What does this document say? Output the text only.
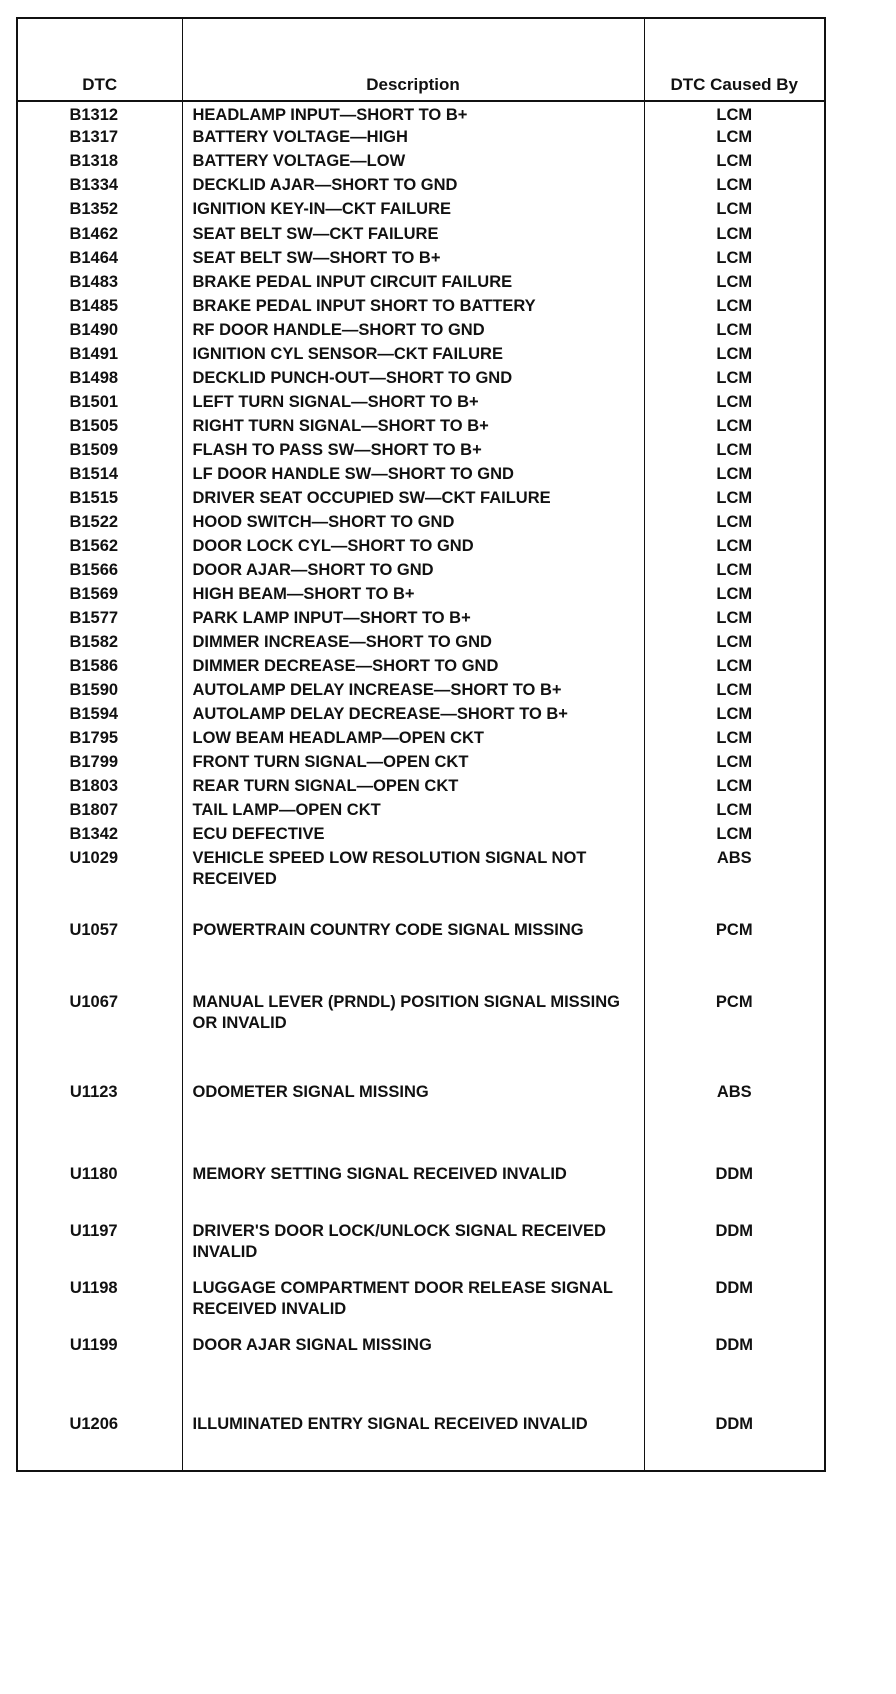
DTC	Description	DTC Caused By
B1312	HEADLAMP INPUT—SHORT TO B+	LCM
B1317	BATTERY VOLTAGE—HIGH	LCM
B1318	BATTERY VOLTAGE—LOW	LCM
B1334	DECKLID AJAR—SHORT TO GND	LCM
B1352	IGNITION KEY-IN—CKT FAILURE	LCM
B1462	SEAT BELT SW—CKT FAILURE	LCM
B1464	SEAT BELT SW—SHORT TO B+	LCM
B1483	BRAKE PEDAL INPUT CIRCUIT FAILURE	LCM
B1485	BRAKE PEDAL INPUT SHORT TO BATTERY	LCM
B1490	RF DOOR HANDLE—SHORT TO GND	LCM
B1491	IGNITION CYL SENSOR—CKT FAILURE	LCM
B1498	DECKLID PUNCH-OUT—SHORT TO GND	LCM
B1501	LEFT TURN SIGNAL—SHORT TO B+	LCM
B1505	RIGHT TURN SIGNAL—SHORT TO B+	LCM
B1509	FLASH TO PASS SW—SHORT TO B+	LCM
B1514	LF DOOR HANDLE SW—SHORT TO GND	LCM
B1515	DRIVER SEAT OCCUPIED SW—CKT FAILURE	LCM
B1522	HOOD SWITCH—SHORT TO GND	LCM
B1562	DOOR LOCK CYL—SHORT TO GND	LCM
B1566	DOOR AJAR—SHORT TO GND	LCM
B1569	HIGH BEAM—SHORT TO B+	LCM
B1577	PARK LAMP INPUT—SHORT TO B+	LCM
B1582	DIMMER INCREASE—SHORT TO GND	LCM
B1586	DIMMER DECREASE—SHORT TO GND	LCM
B1590	AUTOLAMP DELAY INCREASE—SHORT TO B+	LCM
B1594	AUTOLAMP DELAY DECREASE—SHORT TO B+	LCM
B1795	LOW BEAM HEADLAMP—OPEN CKT	LCM
B1799	FRONT TURN SIGNAL—OPEN CKT	LCM
B1803	REAR TURN SIGNAL—OPEN CKT	LCM
B1807	TAIL LAMP—OPEN CKT	LCM
B1342	ECU DEFECTIVE	LCM
U1029	VEHICLE SPEED LOW RESOLUTION SIGNAL NOT RECEIVED	ABS
U1057	POWERTRAIN COUNTRY CODE SIGNAL MISSING	PCM
U1067	MANUAL LEVER (PRNDL) POSITION SIGNAL MISSING OR INVALID	PCM
U1123	ODOMETER SIGNAL MISSING	ABS
U1180	MEMORY SETTING SIGNAL RECEIVED INVALID	DDM
U1197	DRIVER'S DOOR LOCK/UNLOCK SIGNAL RECEIVED INVALID	DDM
U1198	LUGGAGE COMPARTMENT DOOR RELEASE SIGNAL RECEIVED INVALID	DDM
U1199	DOOR AJAR SIGNAL MISSING	DDM
U1206	ILLUMINATED ENTRY SIGNAL RECEIVED INVALID	DDM
